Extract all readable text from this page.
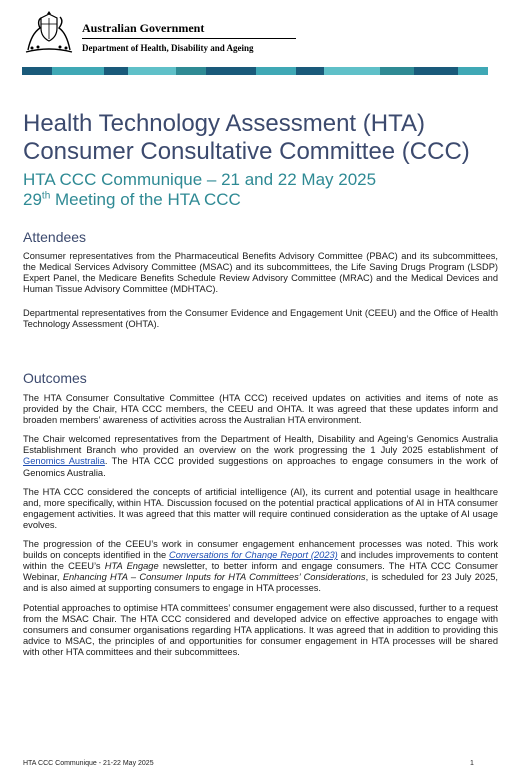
Australian Government
Department of Health, Disability and Ageing
Health Technology Assessment (HTA)
Consumer Consultative Committee (CCC)
HTA CCC Communique – 21 and 22 May 2025
29th Meeting of the HTA CCC
Attendees

Consumer representatives from the Pharmaceutical Benefits Advisory Committee (PBAC) and its subcommittees, the Medical Services Advisory Committee (MSAC) and its subcommittees, the Life Saving Drugs Program (LSDP) Expert Panel, the Medicare Benefits Schedule Review Advisory Committee (MRAC) and the Medical Devices and Human Tissue Advisory Committee (MDHTAC).

Departmental representatives from the Consumer Evidence and Engagement Unit (CEEU) and the Office of Health Technology Assessment (OHTA).

Outcomes

The HTA Consumer Consultative Committee (HTA CCC) received updates on activities and items of note as provided by the Chair, HTA CCC members, the CEEU and OHTA. It was agreed that these updates inform and broaden members’ awareness of activities across the Australian HTA environment.

The Chair welcomed representatives from the Department of Health, Disability and Ageing’s Genomics Australia Establishment Branch who provided an overview on the work progressing the 1 July 2025 establishment of Genomics Australia. The HTA CCC provided suggestions on approaches to engage consumers in the work of Genomics Australia.

The HTA CCC considered the concepts of artificial intelligence (AI), its current and potential usage in healthcare and, more specifically, within HTA. Discussion focused on the potential practical applications of AI in HTA consumer engagement activities. It was agreed that this matter will require continued consideration as the uptake of AI usage evolves.

The progression of the CEEU’s work in consumer engagement enhancement processes was noted. This work builds on concepts identified in the Conversations for Change Report (2023) and includes improvements to content within the CEEU’s HTA Engage newsletter, to better inform and engage consumers. The HTA CCC Consumer Webinar, Enhancing HTA – Consumer Inputs for HTA Committees’ Considerations, is scheduled for 23 July 2025, and is also aimed at supporting consumers to engage in HTA processes.

Potential approaches to optimise HTA committees’ consumer engagement were also discussed, further to a request from the MSAC Chair. The HTA CCC considered and developed advice on effective approaches to engage with consumers and consumer organisations regarding HTA applications. It was agreed that in addition to providing this advice to MSAC, the principles of and opportunities for consumer engagement in HTA processes will be shared with other HTA committees and their subcommittees.

HTA CCC Communique - 21-22 May 2025	1
